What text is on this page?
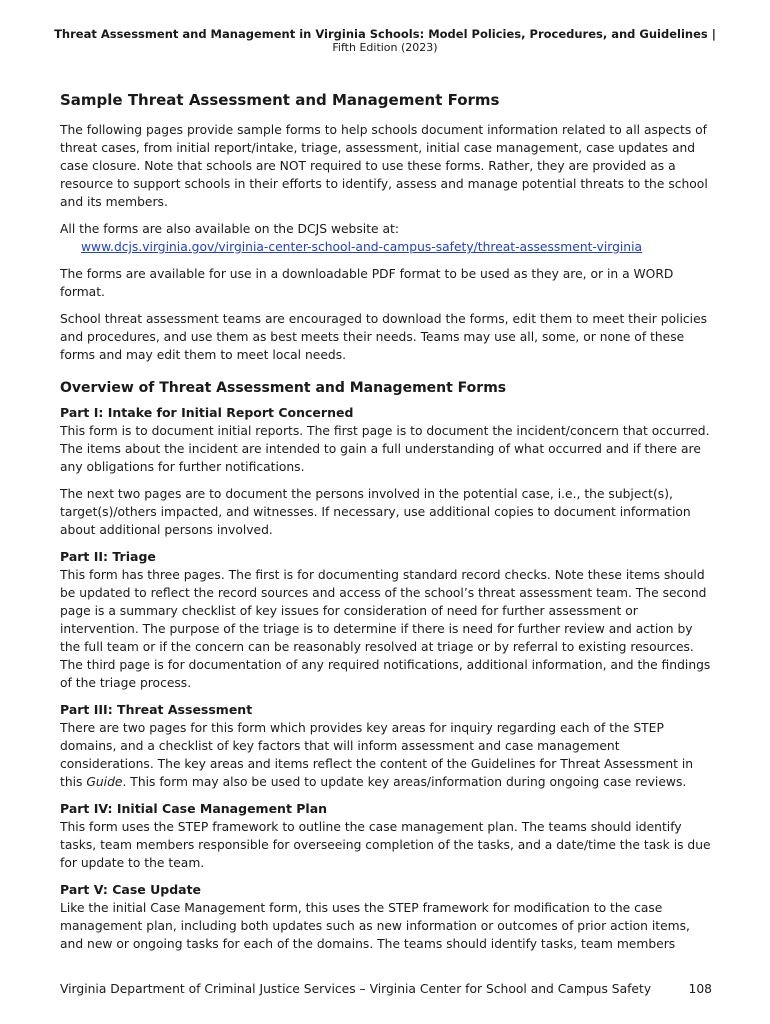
Threat Assessment and Management in Virginia Schools: Model Policies, Procedures, and Guidelines |
Fifth Edition (2023)
Sample Threat Assessment and Management Forms

The following pages provide sample forms to help schools document information related to all aspects of threat cases, from initial report/intake, triage, assessment, initial case management, case updates and case closure. Note that schools are NOT required to use these forms. Rather, they are provided as a resource to support schools in their efforts to identify, assess and manage potential threats to the school and its members.

All the forms are also available on the DCJS website at:
www.dcjs.virginia.gov/virginia-center-school-and-campus-safety/threat-assessment-virginia

The forms are available for use in a downloadable PDF format to be used as they are, or in a WORD format.

School threat assessment teams are encouraged to download the forms, edit them to meet their policies and procedures, and use them as best meets their needs. Teams may use all, some, or none of these forms and may edit them to meet local needs.

Overview of Threat Assessment and Management Forms
Part I: Intake for Initial Report Concerned

This form is to document initial reports. The first page is to document the incident/concern that occurred. The items about the incident are intended to gain a full understanding of what occurred and if there are any obligations for further notifications.

The next two pages are to document the persons involved in the potential case, i.e., the subject(s), target(s)/others impacted, and witnesses. If necessary, use additional copies to document information about additional persons involved.

Part II: Triage

This form has three pages. The first is for documenting standard record checks. Note these items should be updated to reflect the record sources and access of the school’s threat assessment team. The second page is a summary checklist of key issues for consideration of need for further assessment or intervention. The purpose of the triage is to determine if there is need for further review and action by the full team or if the concern can be reasonably resolved at triage or by referral to existing resources. The third page is for documentation of any required notifications, additional information, and the findings of the triage process.

Part III: Threat Assessment

There are two pages for this form which provides key areas for inquiry regarding each of the STEP domains, and a checklist of key factors that will inform assessment and case management considerations. The key areas and items reflect the content of the Guidelines for Threat Assessment in this Guide. This form may also be used to update key areas/information during ongoing case reviews.

Part IV: Initial Case Management Plan

This form uses the STEP framework to outline the case management plan. The teams should identify tasks, team members responsible for overseeing completion of the tasks, and a date/time the task is due for update to the team.

Part V: Case Update

Like the initial Case Management form, this uses the STEP framework for modification to the case management plan, including both updates such as new information or outcomes of prior action items, and new or ongoing tasks for each of the domains. The teams should identify tasks, team members

Virginia Department of Criminal Justice Services – Virginia Center for School and Campus Safety	108
